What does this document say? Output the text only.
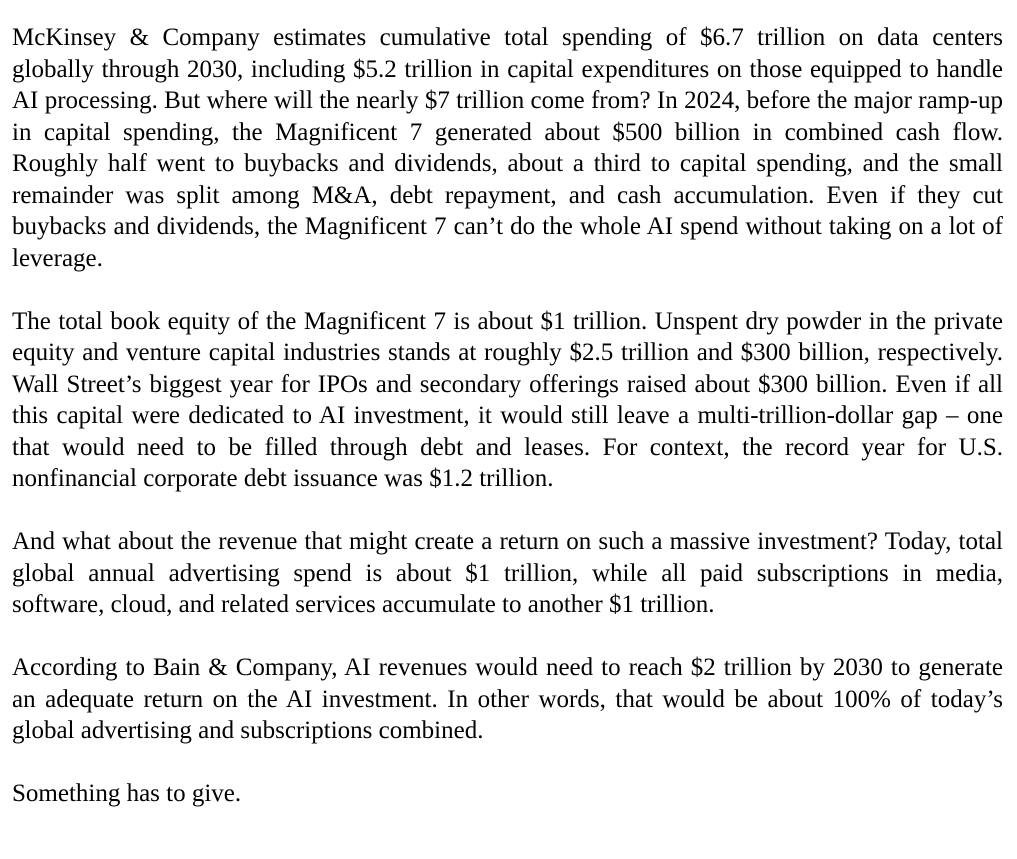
McKinsey & Company estimates cumulative total spending of $6.7 trillion on data centers globally through 2030, including $5.2 trillion in capital expenditures on those equipped to handle AI processing. But where will the nearly $7 trillion come from? In 2024, before the major ramp-up in capital spending, the Magnificent 7 generated about $500 billion in combined cash flow. Roughly half went to buybacks and dividends, about a third to capital spending, and the small remainder was split among M&A, debt repayment, and cash accumulation. Even if they cut buybacks and dividends, the Magnificent 7 can’t do the whole AI spend without taking on a lot of leverage.

The total book equity of the Magnificent 7 is about $1 trillion. Unspent dry powder in the private equity and venture capital industries stands at roughly $2.5 trillion and $300 billion, respectively. Wall Street’s biggest year for IPOs and secondary offerings raised about $300 billion. Even if all this capital were dedicated to AI investment, it would still leave a multi-trillion-dollar gap – one that would need to be filled through debt and leases. For context, the record year for U.S. nonfinancial corporate debt issuance was $1.2 trillion.

And what about the revenue that might create a return on such a massive investment? Today, total global annual advertising spend is about $1 trillion, while all paid subscriptions in media, software, cloud, and related services accumulate to another $1 trillion.

According to Bain & Company, AI revenues would need to reach $2 trillion by 2030 to generate an adequate return on the AI investment. In other words, that would be about 100% of today’s global advertising and subscriptions combined.

Something has to give.
